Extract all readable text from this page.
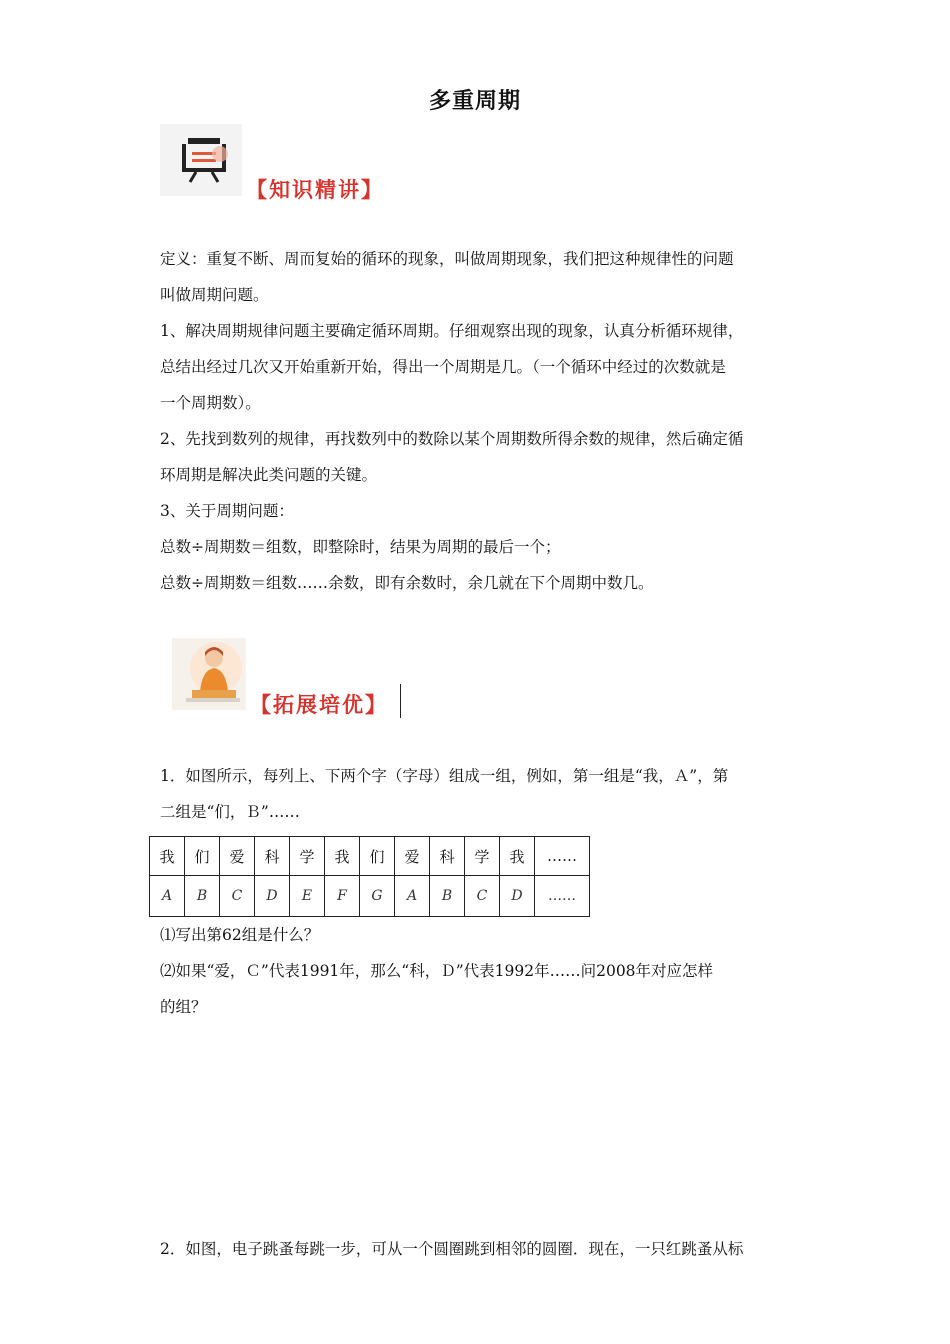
多重周期
【知识精讲】
定义：重复不断、周而复始的循环的现象，叫做周期现象，我们把这种规律性的问题
叫做周期问题。
1、解决周期规律问题主要确定循环周期。仔细观察出现的现象，认真分析循环规律，
总结出经过几次又开始重新开始，得出一个周期是几。（一个循环中经过的次数就是
一个周期数）。
2、先找到数列的规律，再找数列中的数除以某个周期数所得余数的规律，然后确定循
环周期是解决此类问题的关键。
3、关于周期问题：
总数÷周期数＝组数，即整除时，结果为周期的最后一个；
总数÷周期数＝组数……余数，即有余数时，余几就在下个周期中数几。
【拓展培优】
1．如图所示，每列上、下两个字（字母）组成一组，例如，第一组是“我，Ａ”，第
二组是“们，Ｂ”……
我	们	爱	科	学	我	们	爱	科	学	我	……
A	B	C	D	E	F	G	A	B	C	D	……
⑴写出第62组是什么？
⑵如果“爱，Ｃ”代表1991年，那么“科，Ｄ”代表1992年……问2008年对应怎样
的组？
2．如图，电子跳蚤每跳一步，可从一个圆圈跳到相邻的圆圈．现在，一只红跳蚤从标
